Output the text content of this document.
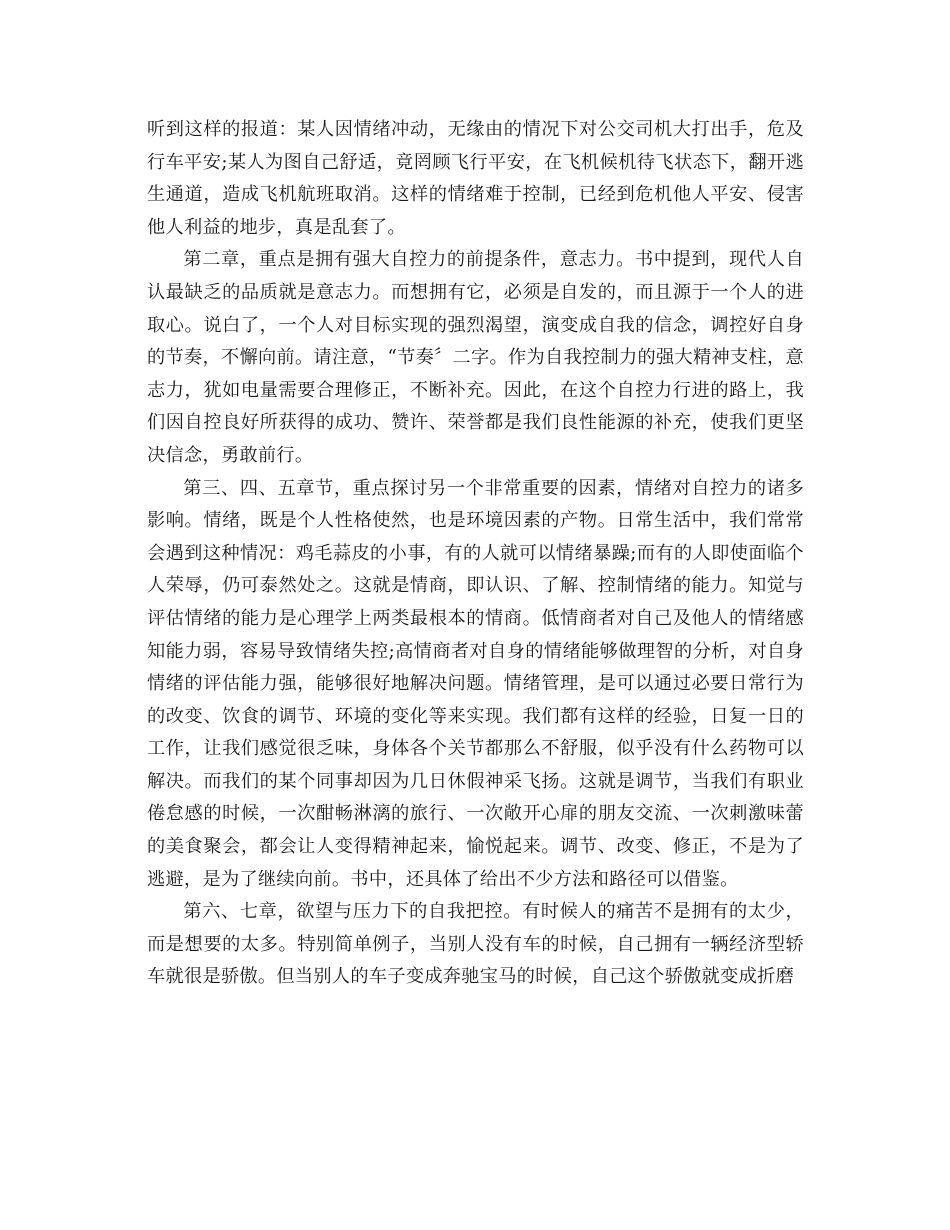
听到这样的报道：某人因情绪冲动，无缘由的情况下对公交司机大打出手，危及行车平安;某人为图自己舒适，竟罔顾飞行平安，在飞机候机待飞状态下，翻开逃生通道，造成飞机航班取消。这样的情绪难于控制，已经到危机他人平安、侵害他人利益的地步，真是乱套了。

第二章，重点是拥有强大自控力的前提条件，意志力。书中提到，现代人自认最缺乏的品质就是意志力。而想拥有它，必须是自发的，而且源于一个人的进取心。说白了，一个人对目标实现的强烈渴望，演变成自我的信念，调控好自身的节奏，不懈向前。请注意，“节奏〞二字。作为自我控制力的强大精神支柱，意志力，犹如电量需要合理修正，不断补充。因此，在这个自控力行进的路上，我们因自控良好所获得的成功、赞许、荣誉都是我们良性能源的补充，使我们更坚决信念，勇敢前行。

第三、四、五章节，重点探讨另一个非常重要的因素，情绪对自控力的诸多影响。情绪，既是个人性格使然，也是环境因素的产物。日常生活中，我们常常会遇到这种情况：鸡毛蒜皮的小事，有的人就可以情绪暴躁;而有的人即使面临个人荣辱，仍可泰然处之。这就是情商，即认识、了解、控制情绪的能力。知觉与评估情绪的能力是心理学上两类最根本的情商。低情商者对自己及他人的情绪感知能力弱，容易导致情绪失控;高情商者对自身的情绪能够做理智的分析，对自身情绪的评估能力强，能够很好地解决问题。情绪管理，是可以通过必要日常行为的改变、饮食的调节、环境的变化等来实现。我们都有这样的经验，日复一日的工作，让我们感觉很乏味，身体各个关节都那么不舒服，似乎没有什么药物可以解决。而我们的某个同事却因为几日休假神采飞扬。这就是调节，当我们有职业倦怠感的时候，一次酣畅淋漓的旅行、一次敞开心扉的朋友交流、一次刺激味蕾的美食聚会，都会让人变得精神起来，愉悦起来。调节、改变、修正，不是为了逃避，是为了继续向前。书中，还具体了给出不少方法和路径可以借鉴。

第六、七章，欲望与压力下的自我把控。有时候人的痛苦不是拥有的太少，而是想要的太多。特别简单例子，当别人没有车的时候，自己拥有一辆经济型轿车就很是骄傲。但当别人的车子变成奔驰宝马的时候，自己这个骄傲就变成折磨
